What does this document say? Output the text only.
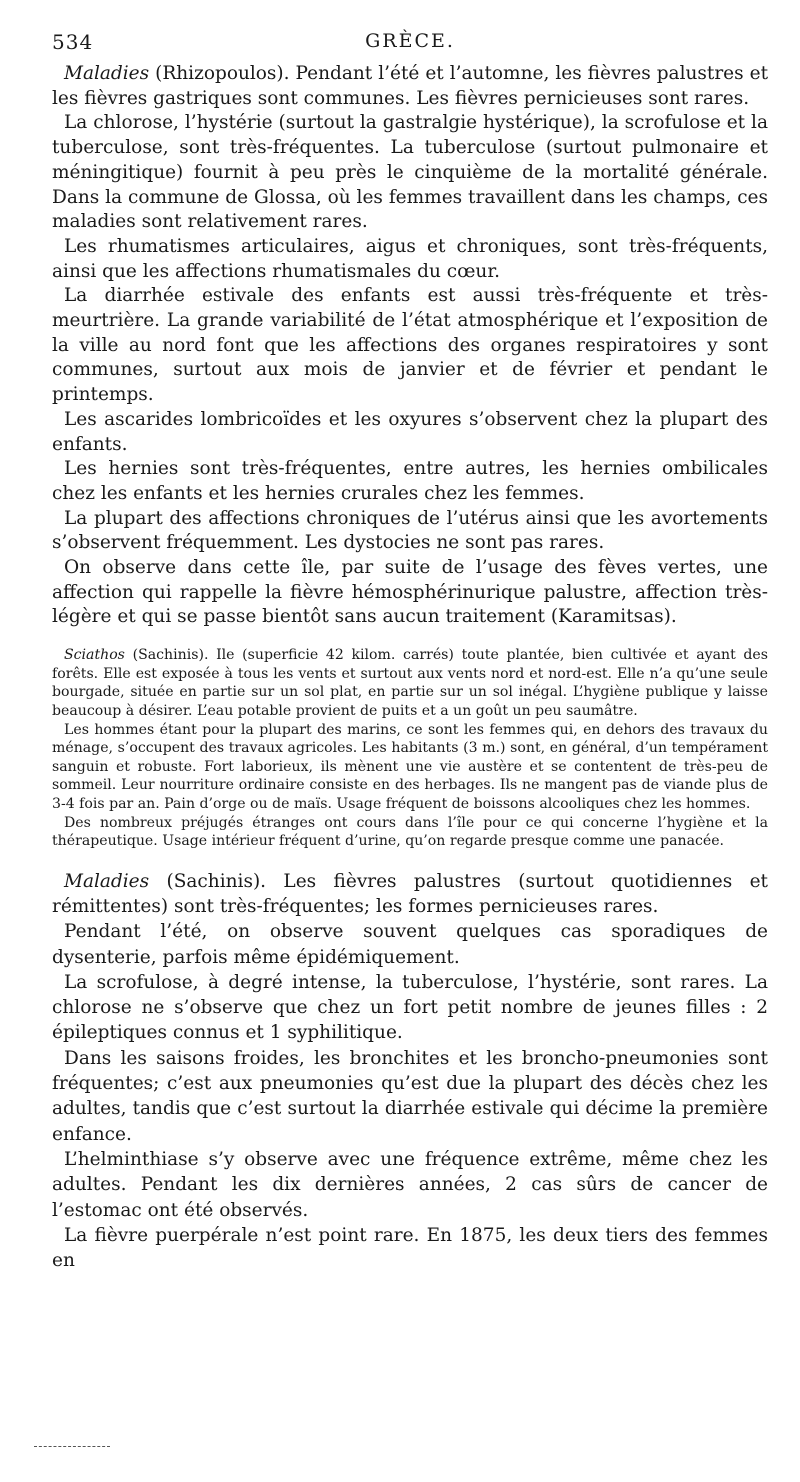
534	GRÈCE.

Maladies (Rhizopoulos). Pendant l’été et l’automne, les fièvres palustres et les fièvres gastriques sont communes. Les fièvres pernicieuses sont rares.

La chlorose, l’hystérie (surtout la gastralgie hystérique), la scrofulose et la tuberculose, sont très-fréquentes. La tuberculose (surtout pulmonaire et méningitique) fournit à peu près le cinquième de la mortalité générale. Dans la commune de Glossa, où les femmes travaillent dans les champs, ces maladies sont relativement rares.

Les rhumatismes articulaires, aigus et chroniques, sont très-fréquents, ainsi que les affections rhumatismales du cœur.

La diarrhée estivale des enfants est aussi très-fréquente et très-meurtrière. La grande variabilité de l’état atmosphérique et l’exposition de la ville au nord font que les affections des organes respiratoires y sont communes, surtout aux mois de janvier et de février et pendant le printemps.

Les ascarides lombricoïdes et les oxyures s’observent chez la plupart des enfants.

Les hernies sont très-fréquentes, entre autres, les hernies ombilicales chez les enfants et les hernies crurales chez les femmes.

La plupart des affections chroniques de l’utérus ainsi que les avortements s’observent fréquemment. Les dystocies ne sont pas rares.

On observe dans cette île, par suite de l’usage des fèves vertes, une affection qui rappelle la fièvre hémosphérinurique palustre, affection très-légère et qui se passe bientôt sans aucun traitement (Karamitsas).

Sciathos (Sachinis). Ile (superficie 42 kilom. carrés) toute plantée, bien cultivée et ayant des forêts. Elle est exposée à tous les vents et surtout aux vents nord et nord-est. Elle n’a qu’une seule bourgade, située en partie sur un sol plat, en partie sur un sol inégal. L’hygiène publique y laisse beaucoup à désirer. L’eau potable provient de puits et a un goût un peu saumâtre.

Les hommes étant pour la plupart des marins, ce sont les femmes qui, en dehors des travaux du ménage, s’occupent des travaux agricoles. Les habitants (3 m.) sont, en général, d’un tempérament sanguin et robuste. Fort laborieux, ils mènent une vie austère et se contentent de très-peu de sommeil. Leur nourriture ordinaire consiste en des herbages. Ils ne mangent pas de viande plus de 3-4 fois par an. Pain d’orge ou de maïs. Usage fréquent de boissons alcooliques chez les hommes.

Des nombreux préjugés étranges ont cours dans l’île pour ce qui concerne l’hygiène et la thérapeutique. Usage intérieur fréquent d’urine, qu’on regarde presque comme une panacée.

Maladies (Sachinis). Les fièvres palustres (surtout quotidiennes et rémittentes) sont très-fréquentes; les formes pernicieuses rares.

Pendant l’été, on observe souvent quelques cas sporadiques de dysenterie, parfois même épidémiquement.

La scrofulose, à degré intense, la tuberculose, l’hystérie, sont rares. La chlorose ne s’observe que chez un fort petit nombre de jeunes filles : 2 épileptiques connus et 1 syphilitique.

Dans les saisons froides, les bronchites et les broncho-pneumonies sont fréquentes; c’est aux pneumonies qu’est due la plupart des décès chez les adultes, tandis que c’est surtout la diarrhée estivale qui décime la première enfance.

L’helminthiase s’y observe avec une fréquence extrême, même chez les adultes. Pendant les dix dernières années, 2 cas sûrs de cancer de l’estomac ont été observés.

La fièvre puerpérale n’est point rare. En 1875, les deux tiers des femmes en
